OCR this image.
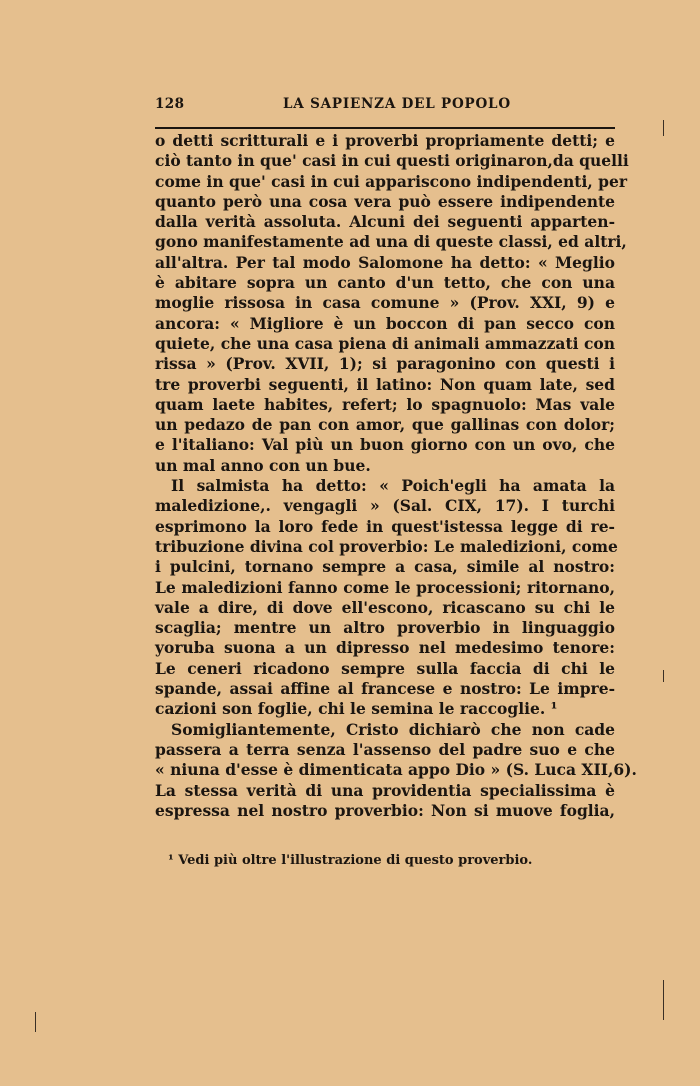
128	LA SAPIENZA DEL POPOLO
o detti scritturali e i proverbi propriamente detti; e
ciò tanto in que' casi in cui questi originaron,da quelli
come in que' casi in cui appariscono indipendenti, per
quanto però una cosa vera può essere indipendente
dalla verità assoluta. Alcuni dei seguenti apparten-
gono manifestamente ad una di queste classi, ed altri,
all'altra. Per tal modo Salomone ha detto: « Meglio
è abitare sopra un canto d'un tetto, che con una
moglie rissosa in casa comune » (Prov. XXI, 9) e
ancora: « Migliore è un boccon di pan secco con
quiete, che una casa piena di animali ammazzati con
rissa » (Prov. XVII, 1); si paragonino con questi i
tre proverbi seguenti, il latino: Non quam late, sed
quam laete habites, refert; lo spagnuolo: Mas vale
un pedazo de pan con amor, que gallinas con dolor;
e l'italiano: Val più un buon giorno con un ovo, che
un mal anno con un bue.
Il salmista ha detto: « Poich'egli ha amata la
maledizione,. vengagli » (Sal. CIX, 17). I turchi
esprimono la loro fede in quest'istessa legge di re-
tribuzione divina col proverbio: Le maledizioni, come
i pulcini, tornano sempre a casa, simile al nostro:
Le maledizioni fanno come le processioni; ritornano,
vale a dire, di dove ell'escono, ricascano su chi le
scaglia; mentre un altro proverbio in linguaggio
yoruba suona a un dipresso nel medesimo tenore:
Le ceneri ricadono sempre sulla faccia di chi le
spande, assai affine al francese e nostro: Le impre-
cazioni son foglie, chi le semina le raccoglie. ¹
Somigliantemente, Cristo dichiarò che non cade
passera a terra senza l'assenso del padre suo e che
« niuna d'esse è dimenticata appo Dio » (S. Luca XII,6).
La stessa verità di una providentia specialissima è
espressa nel nostro proverbio: Non si muove foglia,
¹ Vedi più oltre l'illustrazione di questo proverbio.
